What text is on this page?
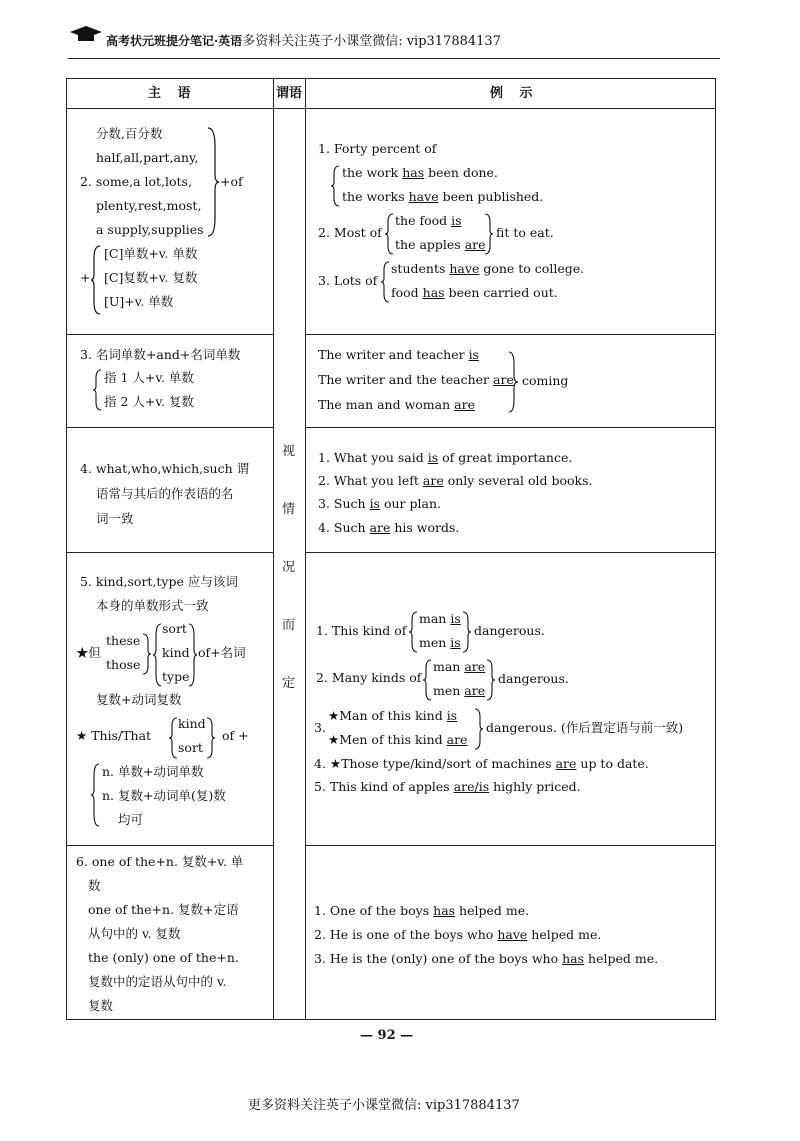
高考状元班提分笔记·英语多资料关注英子小课堂微信: vip317884137
主 语	谓语	例 示
视
情
况
而
定
分数,百分数
half,all,part,any,
2. some,a lot,lots,
plenty,rest,most,
a supply,supplies
+of
+
[C]单数+v. 单数
[C]复数+v. 复数
[U]+v. 单数
1. Forty percent of
the work has been done.
the works have been published.
2. Most of
the food is
the apples are
fit to eat.
3. Lots of
students have gone to college.
food has been carried out.
3. 名词单数+and+名词单数
指 1 人+v. 单数
指 2 人+v. 复数
The writer and teacher is
The writer and the teacher are
The man and woman are
coming
4. what,who,which,such 谓
语常与其后的作表语的名
词一致
1. What you said is of great importance.
2. What you left are only several old books.
3. Such is our plan.
4. Such are his words.
5. kind,sort,type 应与该词
本身的单数形式一致
★但
these
those
sort
kind
type
of+名词
复数+动词复数
★ This/That
kind
sort
of +
n. 单数+动词单数
n. 复数+动词单(复)数
均可
1. This kind of
man is
men is
dangerous.
2. Many kinds of
man are
men are
dangerous.
3.
★Man of this kind is
★Men of this kind are
dangerous. (作后置定语与前一致)
4. ★Those type/kind/sort of machines are up to date.
5. This kind of apples are/is highly priced.
6. one of the+n. 复数+v. 单
数
one of the+n. 复数+定语
从句中的 v. 复数
the (only) one of the+n.
复数中的定语从句中的 v.
复数
1. One of the boys has helped me.
2. He is one of the boys who have helped me.
3. He is the (only) one of the boys who has helped me.
— 92 —
更多资料关注英子小课堂微信: vip317884137
